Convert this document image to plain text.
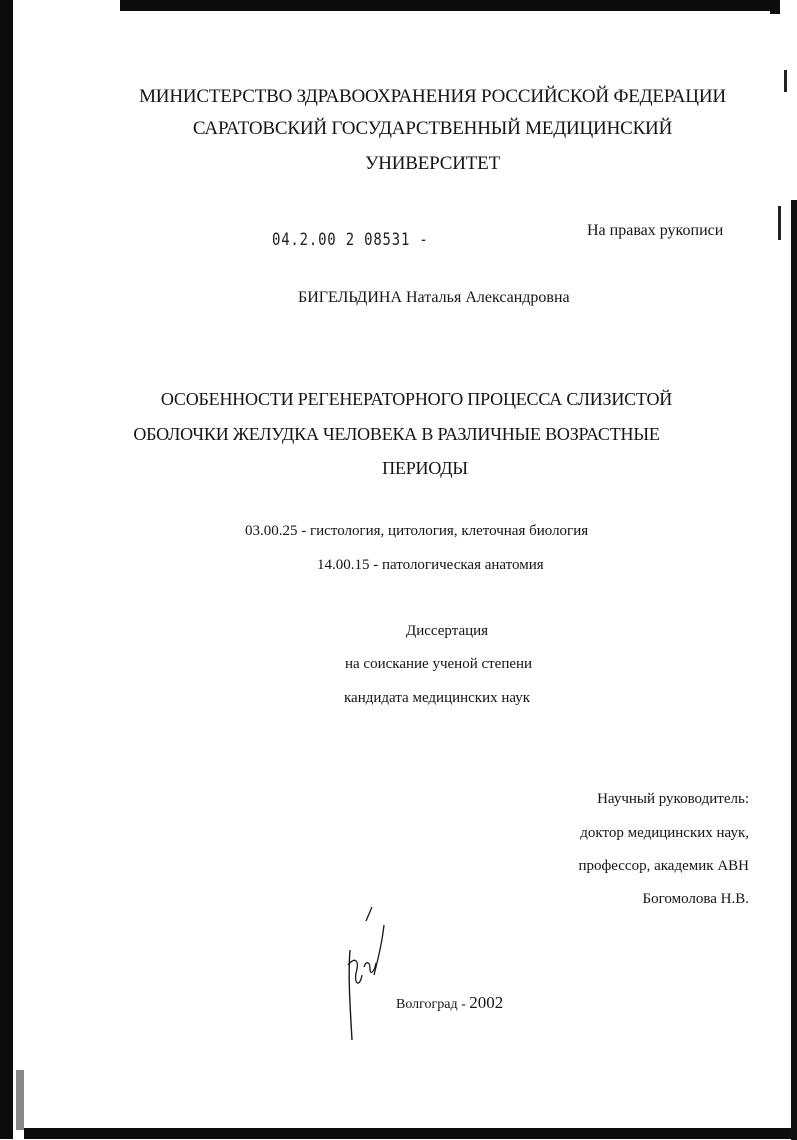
МИНИСТЕРСТВО ЗДРАВООХРАНЕНИЯ РОССИЙСКОЙ ФЕДЕРАЦИИ
САРАТОВСКИЙ ГОСУДАРСТВЕННЫЙ МЕДИЦИНСКИЙ
УНИВЕРСИТЕТ
04.2.00 2 08531 -	На правах рукописи
БИГЕЛЬДИНА Наталья Александровна
ОСОБЕННОСТИ РЕГЕНЕРАТОРНОГО ПРОЦЕССА СЛИЗИСТОЙ
ОБОЛОЧКИ ЖЕЛУДКА ЧЕЛОВЕКА В РАЗЛИЧНЫЕ ВОЗРАСТНЫЕ
ПЕРИОДЫ
03.00.25 - гистология, цитология, клеточная биология
14.00.15 - патологическая анатомия
Диссертация
на соискание ученой степени
кандидата медицинских наук
Научный руководитель:
доктор медицинских наук,
профессор, академик АВН
Богомолова Н.В.
Волгоград - 2002
